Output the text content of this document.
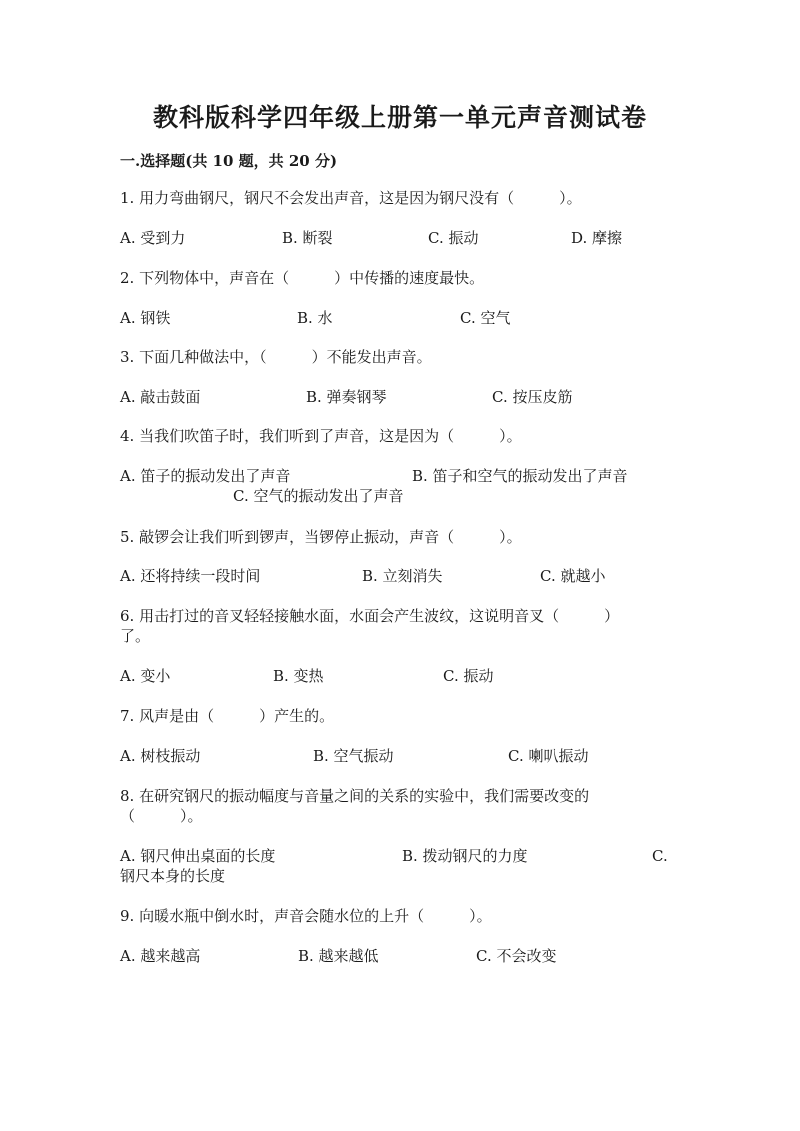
教科版科学四年级上册第一单元声音测试卷
一.选择题(共 10 题，共 20 分)
1. 用力弯曲钢尺，钢尺不会发出声音，这是因为钢尺没有（　　　）。
A. 受到力	B. 断裂	C. 振动	D. 摩擦
2. 下列物体中，声音在（　　　）中传播的速度最快。
A. 钢铁	B. 水	C. 空气
3. 下面几种做法中，（　　　）不能发出声音。
A. 敲击鼓面	B. 弹奏钢琴	C. 按压皮筋
4. 当我们吹笛子时，我们听到了声音，这是因为（　　　）。
A. 笛子的振动发出了声音	B. 笛子和空气的振动发出了声音
C. 空气的振动发出了声音
5. 敲锣会让我们听到锣声，当锣停止振动，声音（　　　）。
A. 还将持续一段时间	B. 立刻消失	C. 就越小
6. 用击打过的音叉轻轻接触水面，水面会产生波纹，这说明音叉（　　　）
了。
A. 变小	B. 变热	C. 振动
7. 风声是由（　　　）产生的。
A. 树枝振动	B. 空气振动	C. 喇叭振动
8. 在研究钢尺的振动幅度与音量之间的关系的实验中，我们需要改变的
（　　　）。
A. 钢尺伸出桌面的长度	B. 拨动钢尺的力度	C.
钢尺本身的长度
9. 向暖水瓶中倒水时，声音会随水位的上升（　　　）。
A. 越来越高	B. 越来越低	C. 不会改变
